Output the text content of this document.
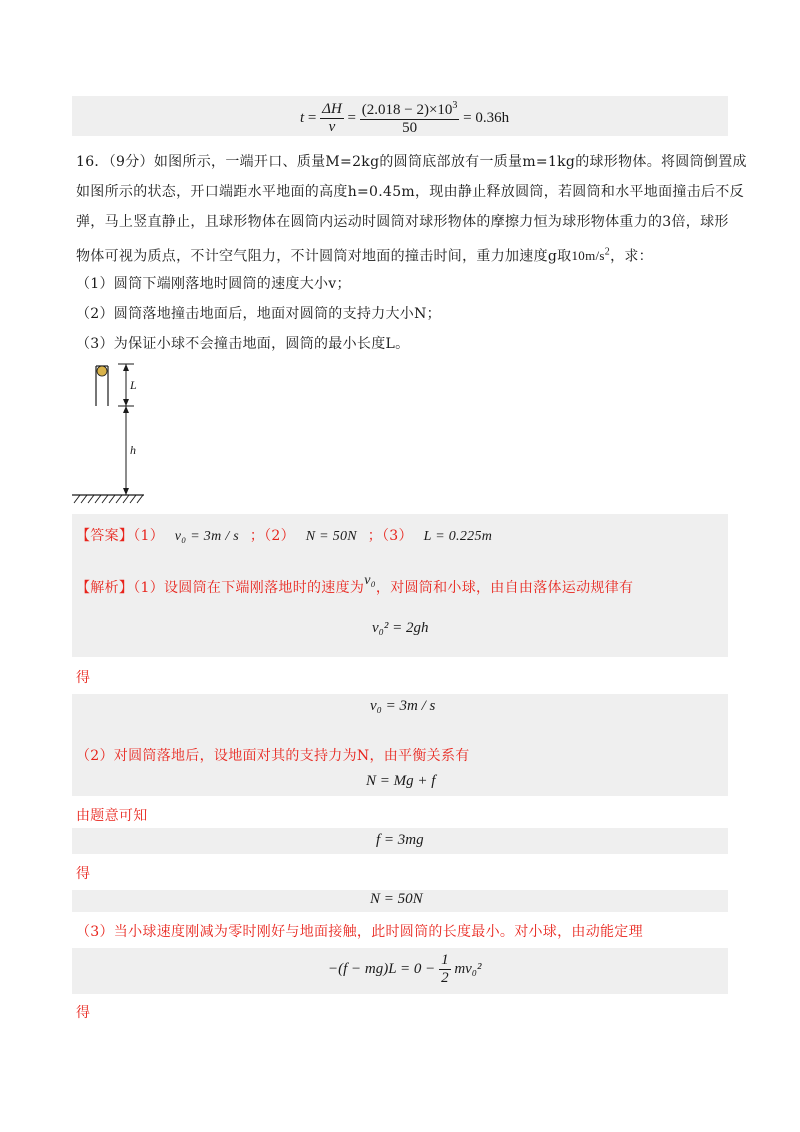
$t = \frac{\Delta H}{v} = \frac{(2.018 - 2)\times 10^3}{50} = 0.36h$
16．（9分）如图所示，一端开口、质量M=2kg的圆筒底部放有一质量m=1kg的球形物体。将圆筒倒置成
如图所示的状态，开口端距水平地面的高度h=0.45m，现由静止释放圆筒，若圆筒和水平地面撞击后不反
弹，马上竖直静止，且球形物体在圆筒内运动时圆筒对球形物体的摩擦力恒为球形物体重力的3倍，球形
物体可视为质点，不计空气阻力，不计圆筒对地面的撞击时间，重力加速度g取$10m/s^2$，求：
（1）圆筒下端刚落地时圆筒的速度大小v；
（2）圆筒落地撞击地面后，地面对圆筒的支持力大小N；
（3）为保证小球不会撞击地面，圆筒的最小长度L。
L
h
【答案】（1） v₀ = 3m / s ；（2） N = 50N ；（3） L = 0.225m
【解析】（1）设圆筒在下端刚落地时的速度为v₀，对圆筒和小球，由自由落体运动规律有
v₀² = 2gh
得
v₀ = 3m / s
（2）对圆筒落地后，设地面对其的支持力为N，由平衡关系有
N = Mg + f
由题意可知
f = 3mg
得
N = 50N
（3）当小球速度刚减为零时刚好与地面接触，此时圆筒的长度最小。对小球，由动能定理
$-(f - mg)L = 0 - \frac{1}{2} mv_0^2$
得
